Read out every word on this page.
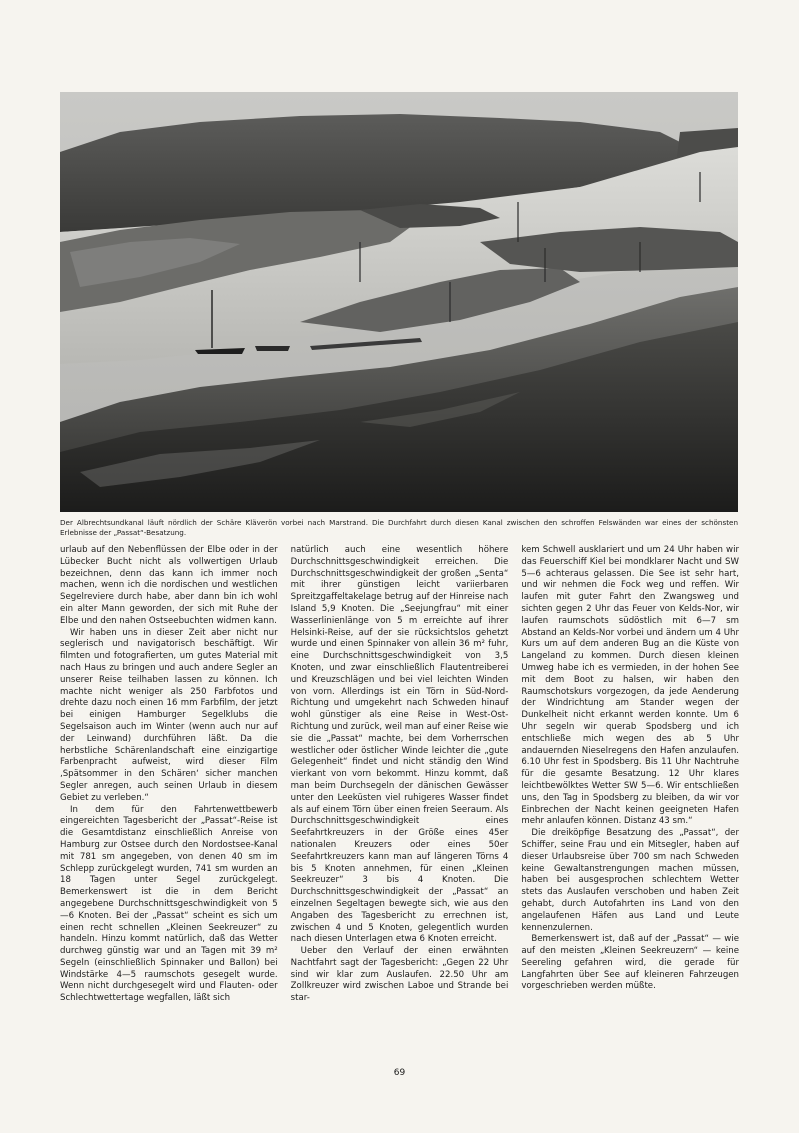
Der Albrechtsundkanal läuft nördlich der Schäre Kläverön vorbei nach Marstrand. Die Durchfahrt durch diesen Kanal zwischen den schroffen Felswänden war eines der schönsten Erlebnisse der „Passat“-Besatzung.

urlaub auf den Nebenflüssen der Elbe oder in der Lübecker Bucht nicht als vollwertigen Urlaub bezeichnen, denn das kann ich immer noch machen, wenn ich die nordischen und westlichen Segelreviere durch habe, aber dann bin ich wohl ein alter Mann geworden, der sich mit Ruhe der Elbe und den nahen Ostseebuchten widmen kann.

Wir haben uns in dieser Zeit aber nicht nur seglerisch und navigatorisch beschäftigt. Wir filmten und fotografierten, um gutes Material mit nach Haus zu bringen und auch andere Segler an unserer Reise teilhaben lassen zu können. Ich machte nicht weniger als 250 Farbfotos und drehte dazu noch einen 16 mm Farbfilm, der jetzt bei einigen Hamburger Segelklubs die Segelsaison auch im Winter (wenn auch nur auf der Leinwand) durchführen läßt. Da die herbstliche Schärenlandschaft eine einzigartige Farbenpracht aufweist, wird dieser Film ‚Spätsommer in den Schären‘ sicher manchen Segler anregen, auch seinen Urlaub in diesem Gebiet zu verleben.“

In dem für den Fahrtenwettbewerb eingereichten Tagesbericht der „Passat“-Reise ist die Gesamtdistanz einschließlich Anreise von Hamburg zur Ostsee durch den Nordostsee-Kanal mit 781 sm angegeben, von denen 40 sm im Schlepp zurückgelegt wurden, 741 sm wurden an 18 Tagen unter Segel zurückgelegt. Bemerkenswert ist die in dem Bericht angegebene Durchschnittsgeschwindigkeit von 5—6 Knoten. Bei der „Passat“ scheint es sich um einen recht schnellen „Kleinen Seekreuzer“ zu handeln. Hinzu kommt natürlich, daß das Wetter durchweg günstig war und an Tagen mit 39 m² Segeln (einschließlich Spinnaker und Ballon) bei Windstärke 4—5 raumschots gesegelt wurde. Wenn nicht durchgesegelt wird und Flauten- oder Schlechtwettertage wegfallen, läßt sich

natürlich auch eine wesentlich höhere Durchschnittsgeschwindigkeit erreichen. Die Durchschnittsgeschwindigkeit der großen „Senta“ mit ihrer günstigen leicht variierbaren Spreitzgaffeltakelage betrug auf der Hinreise nach Island 5,9 Knoten. Die „Seejungfrau“ mit einer Wasserlinienlänge von 5 m erreichte auf ihrer Helsinki-Reise, auf der sie rücksichtslos gehetzt wurde und einen Spinnaker von allein 36 m² fuhr, eine Durchschnittsgeschwindigkeit von 3,5 Knoten, und zwar einschließlich Flautentreiberei und Kreuzschlägen und bei viel leichten Winden von vorn. Allerdings ist ein Törn in Süd-Nord-Richtung und umgekehrt nach Schweden hinauf wohl günstiger als eine Reise in West-Ost-Richtung und zurück, weil man auf einer Reise wie sie die „Passat“ machte, bei dem Vorherrschen westlicher oder östlicher Winde leichter die „gute Gelegenheit“ findet und nicht ständig den Wind vierkant von vorn bekommt. Hinzu kommt, daß man beim Durchsegeln der dänischen Gewässer unter den Leeküsten viel ruhigeres Wasser findet als auf einem Törn über einen freien Seeraum. Als Durchschnittsgeschwindigkeit eines Seefahrtkreuzers in der Größe eines 45er nationalen Kreuzers oder eines 50er Seefahrtkreuzers kann man auf längeren Törns 4 bis 5 Knoten annehmen, für einen „Kleinen Seekreuzer“ 3 bis 4 Knoten. Die Durchschnittsgeschwindigkeit der „Passat“ an einzelnen Segeltagen bewegte sich, wie aus den Angaben des Tagesbericht zu errechnen ist, zwischen 4 und 5 Knoten, gelegentlich wurden nach diesen Unterlagen etwa 6 Knoten erreicht.

Ueber den Verlauf der einen erwähnten Nachtfahrt sagt der Tagesbericht: „Gegen 22 Uhr sind wir klar zum Auslaufen. 22.50 Uhr am Zollkreuzer wird zwischen Laboe und Strande bei star-

kem Schwell ausklariert und um 24 Uhr haben wir das Feuerschiff Kiel bei mondklarer Nacht und SW 5—6 achteraus gelassen. Die See ist sehr hart, und wir nehmen die Fock weg und reffen. Wir laufen mit guter Fahrt den Zwangsweg und sichten gegen 2 Uhr das Feuer von Kelds-Nor, wir laufen raumschots südöstlich mit 6—7 sm Abstand an Kelds-Nor vorbei und ändern um 4 Uhr Kurs um auf dem anderen Bug an die Küste von Langeland zu kommen. Durch diesen kleinen Umweg habe ich es vermieden, in der hohen See mit dem Boot zu halsen, wir haben den Raumschotskurs vorgezogen, da jede Aenderung der Windrichtung am Stander wegen der Dunkelheit nicht erkannt werden konnte. Um 6 Uhr segeln wir querab Spodsberg und ich entschließe mich wegen des ab 5 Uhr andauernden Nieselregens den Hafen anzulaufen. 6.10 Uhr fest in Spodsberg. Bis 11 Uhr Nachtruhe für die gesamte Besatzung. 12 Uhr klares leichtbewölktes Wetter SW 5—6. Wir entschließen uns, den Tag in Spodsberg zu bleiben, da wir vor Einbrechen der Nacht keinen geeigneten Hafen mehr anlaufen können. Distanz 43 sm.“

Die dreiköpfige Besatzung des „Passat“, der Schiffer, seine Frau und ein Mitsegler, haben auf dieser Urlaubsreise über 700 sm nach Schweden keine Gewaltanstrengungen machen müssen, haben bei ausgesprochen schlechtem Wetter stets das Auslaufen verschoben und haben Zeit gehabt, durch Autofahrten ins Land von den angelaufenen Häfen aus Land und Leute kennenzulernen.

Bemerkenswert ist, daß auf der „Passat“ — wie auf den meisten „Kleinen Seekreuzern“ — keine Seereling gefahren wird, die gerade für Langfahrten über See auf kleineren Fahrzeugen vorgeschrieben werden müßte.

69
